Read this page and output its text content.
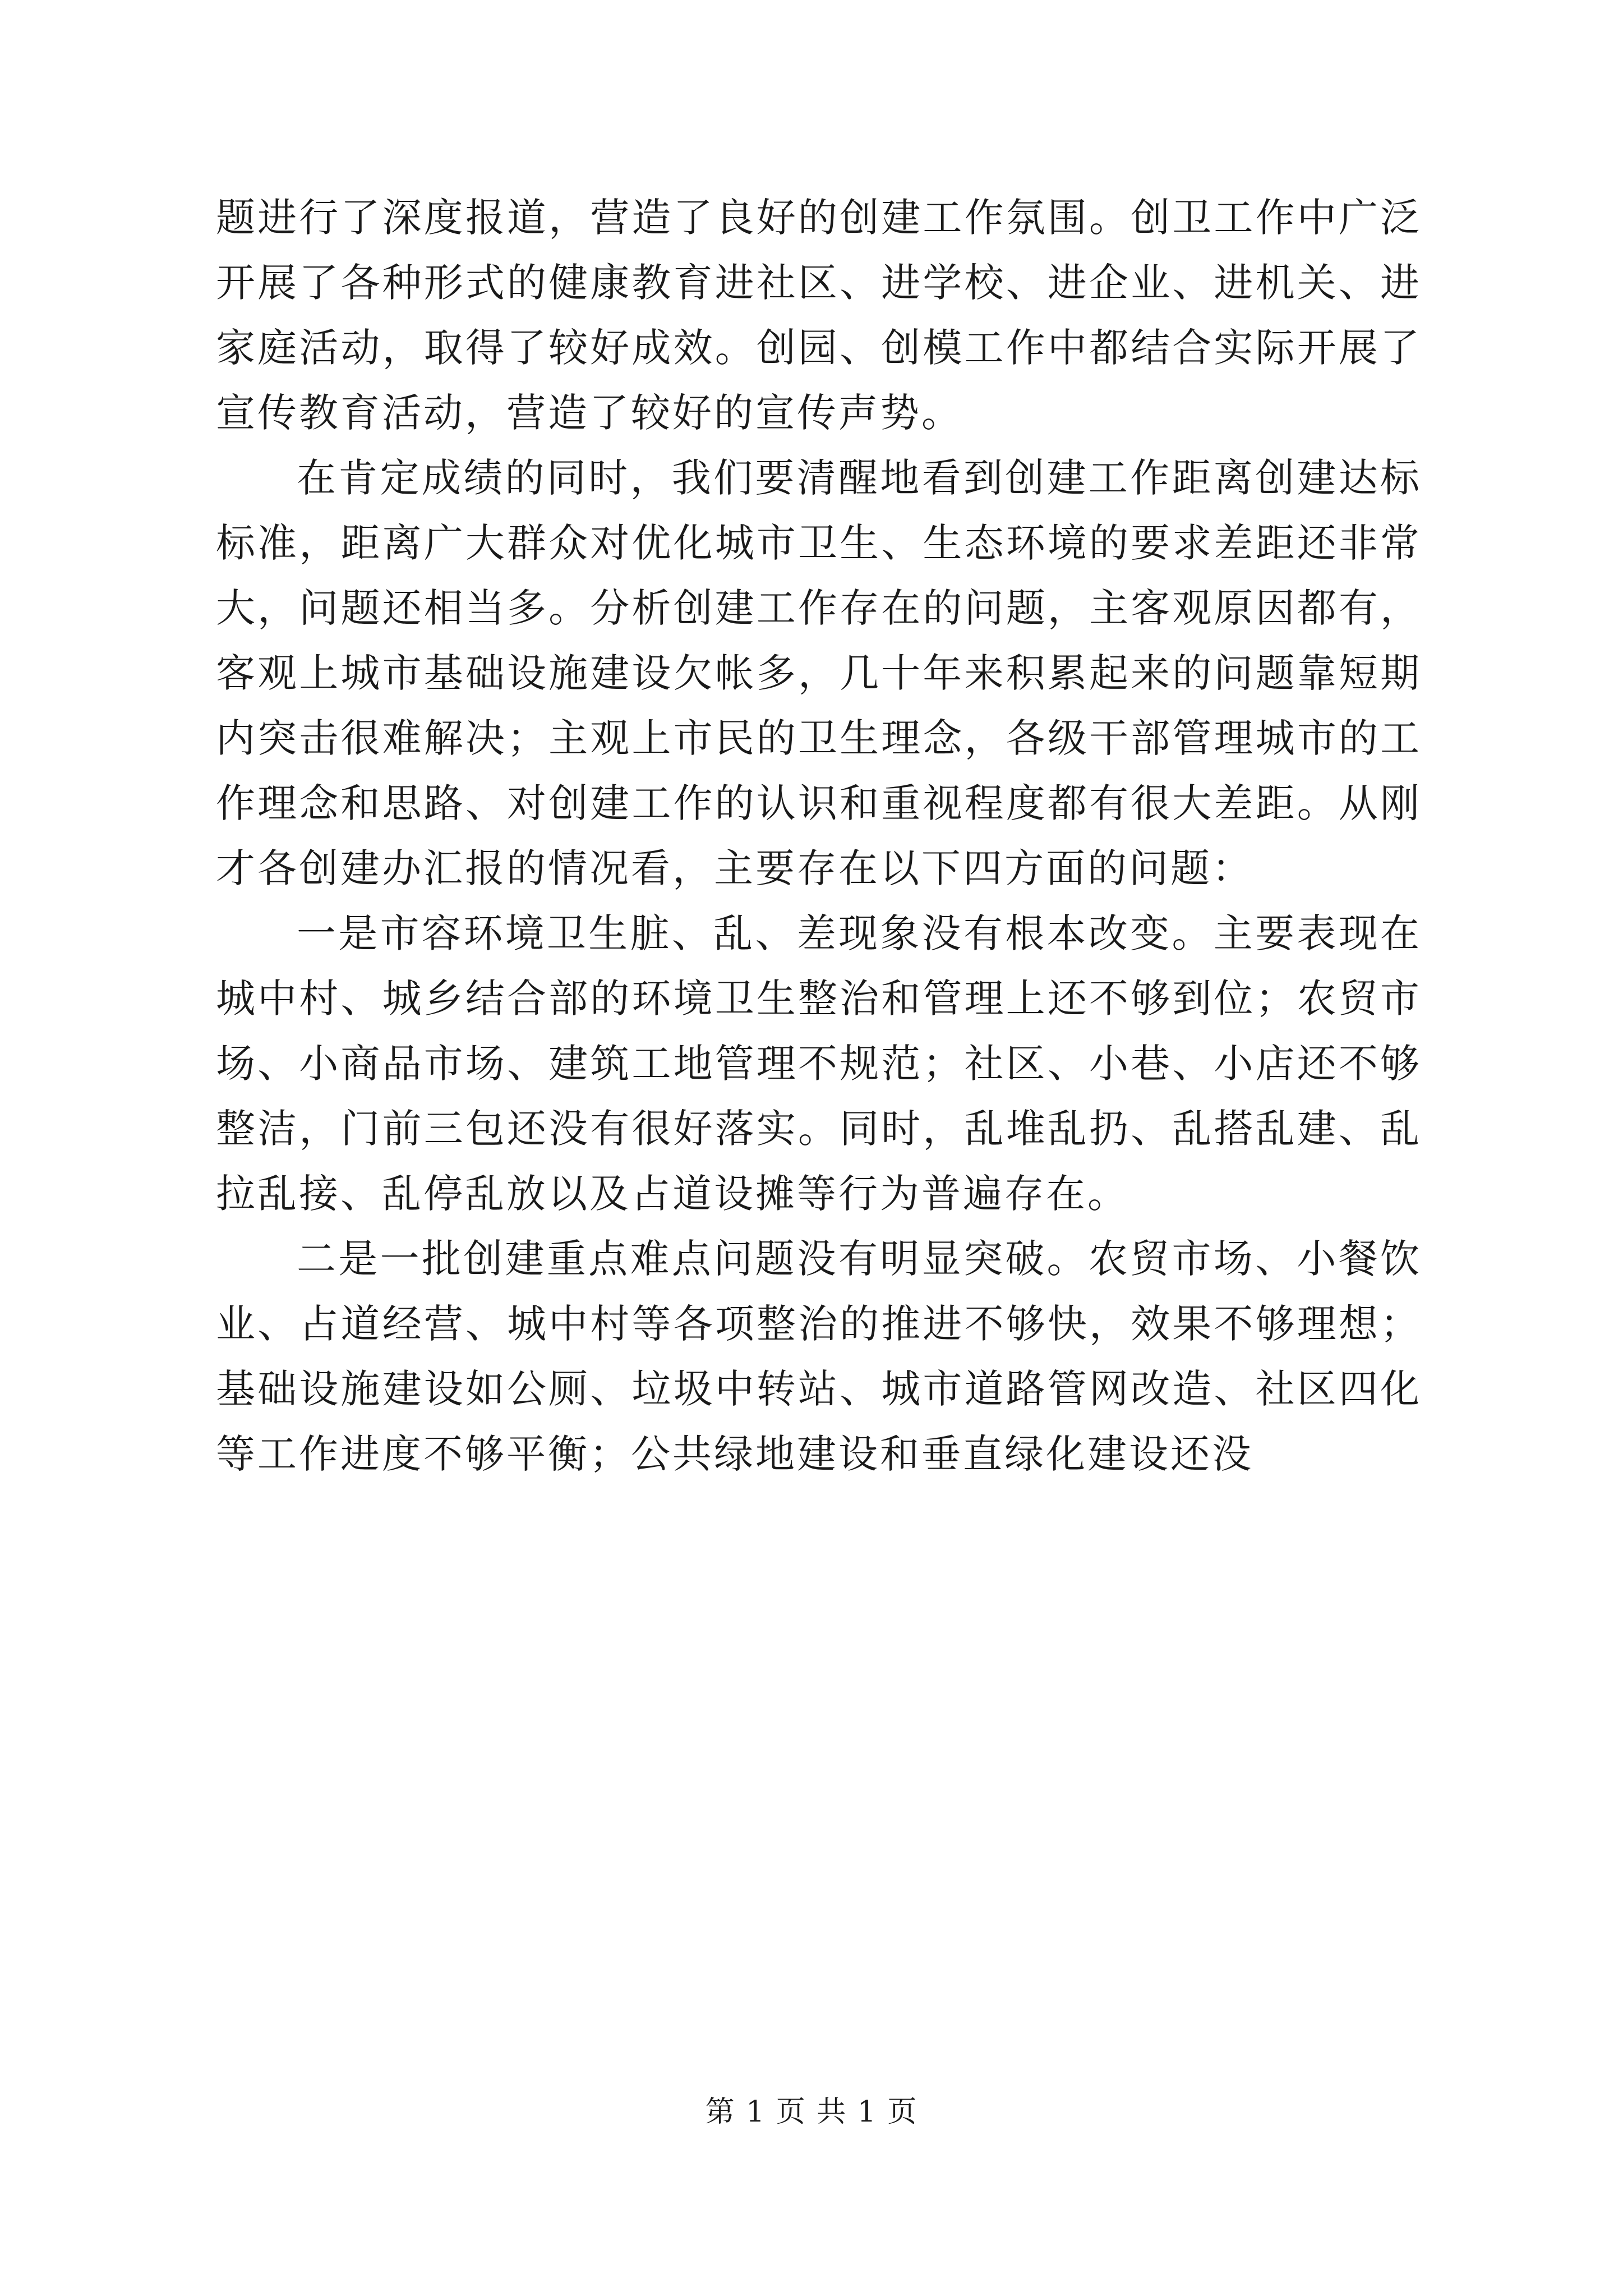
题进行了深度报道，营造了良好的创建工作氛围。创卫工作中广泛开展了各种形式的健康教育进社区、进学校、进企业、进机关、进家庭活动，取得了较好成效。创园、创模工作中都结合实际开展了宣传教育活动，营造了较好的宣传声势。

在肯定成绩的同时，我们要清醒地看到创建工作距离创建达标标准，距离广大群众对优化城市卫生、生态环境的要求差距还非常大，问题还相当多。分析创建工作存在的问题，主客观原因都有，客观上城市基础设施建设欠帐多，几十年来积累起来的问题靠短期内突击很难解决；主观上市民的卫生理念，各级干部管理城市的工作理念和思路、对创建工作的认识和重视程度都有很大差距。从刚才各创建办汇报的情况看，主要存在以下四方面的问题：

一是市容环境卫生脏、乱、差现象没有根本改变。主要表现在城中村、城乡结合部的环境卫生整治和管理上还不够到位；农贸市场、小商品市场、建筑工地管理不规范；社区、小巷、小店还不够整洁，门前三包还没有很好落实。同时，乱堆乱扔、乱搭乱建、乱拉乱接、乱停乱放以及占道设摊等行为普遍存在。

二是一批创建重点难点问题没有明显突破。农贸市场、小餐饮业、占道经营、城中村等各项整治的推进不够快，效果不够理想；基础设施建设如公厕、垃圾中转站、城市道路管网改造、社区四化等工作进度不够平衡；公共绿地建设和垂直绿化建设还没

第 1 页 共 1 页
